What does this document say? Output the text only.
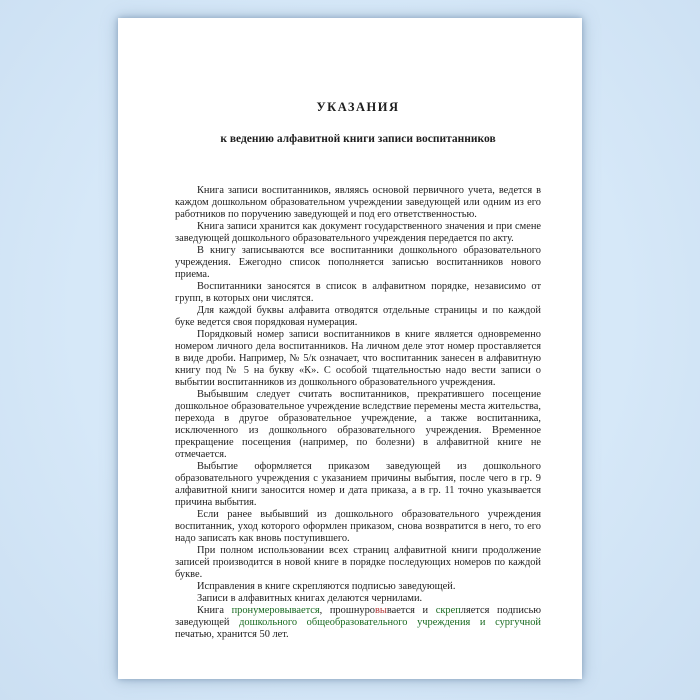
УКАЗАНИЯ
к ведению алфавитной книги записи воспитанников

Книга записи воспитанников, являясь основой первичного учета, ведется в каждом дошкольном образовательном учреждении заведующей или одним из его работников по поручению заведующей и под его ответственностью.

Книга записи хранится как документ государственного значения и при смене заведующей дошкольного образовательного учреждения передается по акту.

В книгу записываются все воспитанники дошкольного образовательного учреждения. Ежегодно список пополняется записью воспитанников нового приема.

Воспитанники заносятся в список в алфавитном порядке, независимо от групп, в которых они числятся.

Для каждой буквы алфавита отводятся отдельные страницы и по каждой буке ведется своя порядковая нумерация.

Порядковый номер записи воспитанников в книге является одновременно номером личного дела воспитанников. На личном деле этот номер проставляется в виде дроби. Например, № 5/к означает, что воспитанник занесен в алфавитную книгу под № 5 на букву «К». С особой тщательностью надо вести записи о выбытии воспитанников из дошкольного образовательного учреждения.

Выбывшим следует считать воспитанников, прекратившего посещение дошкольное образовательное учреждение вследствие перемены места жительства, перехода в другое образовательное учреждение, а также воспитанника, исключенного из дошкольного образовательного учреждения. Временное прекращение посещения (например, по болезни) в алфавитной книге не отмечается.

Выбытие оформляется приказом заведующей из дошкольного образовательного учреждения с указанием причины выбытия, после чего в гр. 9 алфавитной книги заносится номер и дата приказа, а в гр. 11 точно указывается причина выбытия.

Если ранее выбывший из дошкольного образовательного учреждения воспитанник, уход которого оформлен приказом, снова возвратится в него, то его надо записать как вновь поступившего.

При полном использовании всех страниц алфавитной книги продолжение записей производится в новой книге в порядке последующих номеров по каждой букве.

Исправления в книге скрепляются подписью заведующей.

Записи в алфавитных книгах делаются чернилами.

Книга пронумеровывается, прошнуровывается и скрепляется подписью заведующей дошкольного общеобразовательного учреждения и сургучной печатью, хранится 50 лет.
